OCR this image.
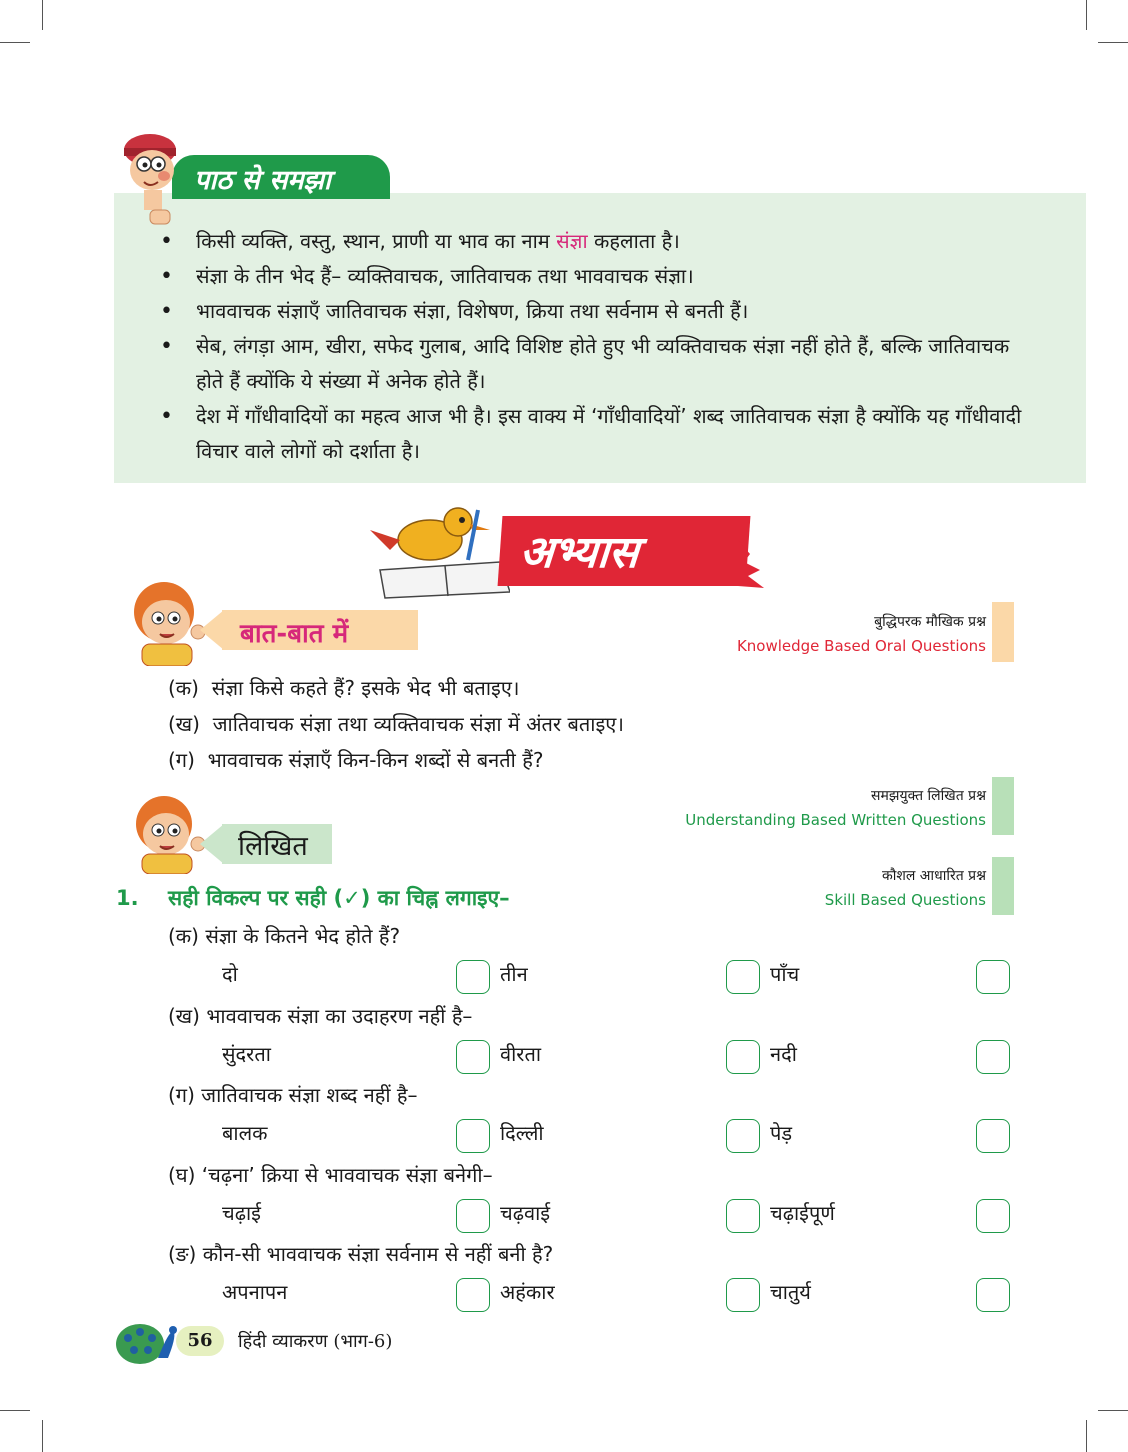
पाठ से समझा
• किसी व्यक्ति, वस्तु, स्थान, प्राणी या भाव का नाम संज्ञा कहलाता है।
• संज्ञा के तीन भेद हैं– व्यक्तिवाचक, जातिवाचक तथा भाववाचक संज्ञा।
• भाववाचक संज्ञाएँ जातिवाचक संज्ञा, विशेषण, क्रिया तथा सर्वनाम से बनती हैं।
• सेब, लंगड़ा आम, खीरा, सफेद गुलाब, आदि विशिष्ट होते हुए भी व्यक्तिवाचक संज्ञा नहीं होते हैं, बल्कि जातिवाचक होते हैं क्योंकि ये संख्या में अनेक होते हैं।
• देश में गाँधीवादियों का महत्व आज भी है। इस वाक्य में ‘गाँधीवादियों’ शब्द जातिवाचक संज्ञा है क्योंकि यह गाँधीवादी विचार वाले लोगों को दर्शाता है।
अभ्यास
बात-बात में	बुद्धिपरक मौखिक प्रश्न
Knowledge Based Oral Questions
(क) संज्ञा किसे कहते हैं? इसके भेद भी बताइए।
(ख) जातिवाचक संज्ञा तथा व्यक्तिवाचक संज्ञा में अंतर बताइए।
(ग) भाववाचक संज्ञाएँ किन-किन शब्दों से बनती हैं?
समझयुक्त लिखित प्रश्न
Understanding Based Written Questions
लिखित
कौशल आधारित प्रश्न
Skill Based Questions
1. सही विकल्प पर सही (✓) का चिह्न लगाइए–
(क) संज्ञा के कितने भेद होते हैं?
दो	तीन	पाँच
(ख) भाववाचक संज्ञा का उदाहरण नहीं है–
सुंदरता	वीरता	नदी
(ग) जातिवाचक संज्ञा शब्द नहीं है–
बालक	दिल्ली	पेड़
(घ) ‘चढ़ना’ क्रिया से भाववाचक संज्ञा बनेगी–
चढ़ाई	चढ़वाई	चढ़ाईपूर्ण
(ङ) कौन-सी भाववाचक संज्ञा सर्वनाम से नहीं बनी है?
अपनापन	अहंकार	चातुर्य
56	हिंदी व्याकरण (भाग-6)
